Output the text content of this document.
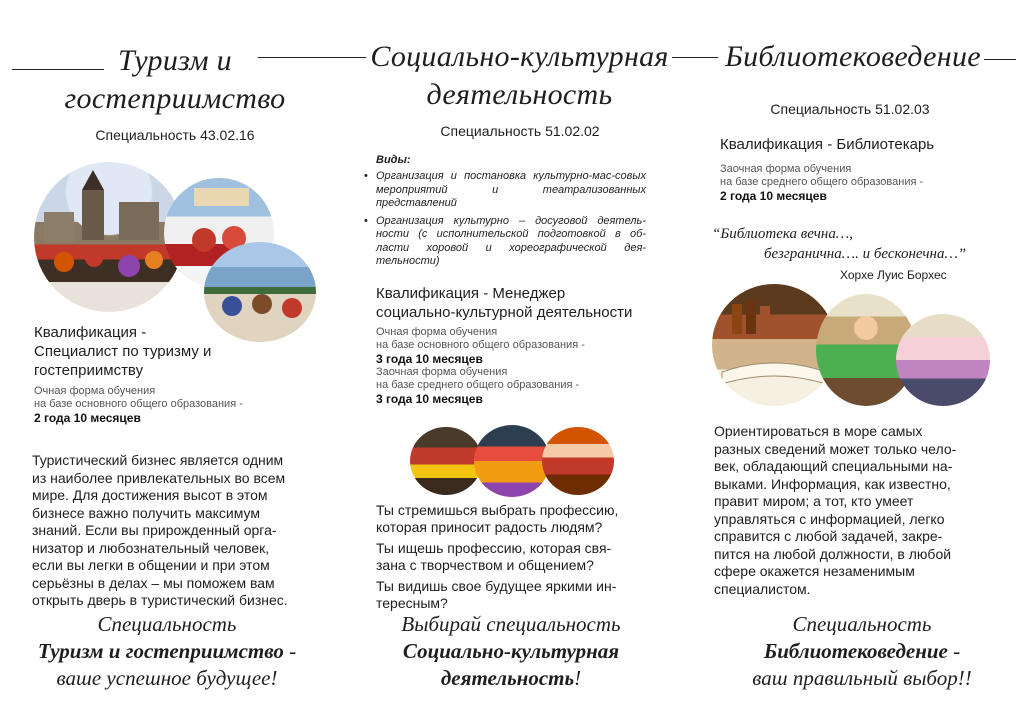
Туризм и
гостеприимство
Специальность 43.02.16
Квалификация -
Специалист по туризму и
гостеприимству
Очная форма обучения
на базе основного общего образования -
2 года 10 месяцев
Туристический бизнес является одним
из наиболее привлекательных во всем
мире. Для достижения высот в этом
бизнесе важно получить максимум
знаний. Если вы прирожденный орга-
низатор и любознательный человек,
если вы легки в общении и при этом
серьёзны в делах – мы поможем вам
открыть дверь в туристический бизнес.
Специальность
Туризм и гостеприимство -
ваше успешное будущее!
Социально-культурная
деятельность
Специальность 51.02.02
Виды:
• Организация и постановка культурно-мас-совых мероприятий и театрализованных представлений
• Организация культурно – досуговой деятель-ности (с исполнительской подготовкой в об-ласти хоровой и хореографической дея-тельности)
Квалификация - Менеджер
социально-культурной деятельности
Очная форма обучения
на базе основного общего образования -
3 года 10 месяцев
Заочная форма обучения
на базе среднего общего образования -
3 года 10 месяцев
Ты стремишься выбрать профессию,
которая приносит радость людям?
Ты ищешь профессию, которая свя-
зана с творчеством и общением?
Ты видишь свое будущее яркими ин-
тересным?
Выбирай специальность
Социально-культурная
деятельность!
Библиотековедение
Специальность 51.02.03
Квалификация - Библиотекарь
Заочная форма обучения
на базе среднего общего образования -
2 года 10 месяцев
“Библиотека вечна…,
безгранична…. и бесконечна…”
Хорхе Луис Борхес
Ориентироваться в море самых
разных сведений может только чело-
век, обладающий специальными на-
выками. Информация, как известно,
правит миром; а тот, кто умеет
управляться с информацией, легко
справится с любой задачей, закре-
пится на любой должности, в любой
сфере окажется незаменимым
специалистом.
Специальность
Библиотековедение -
ваш правильный выбор!!
